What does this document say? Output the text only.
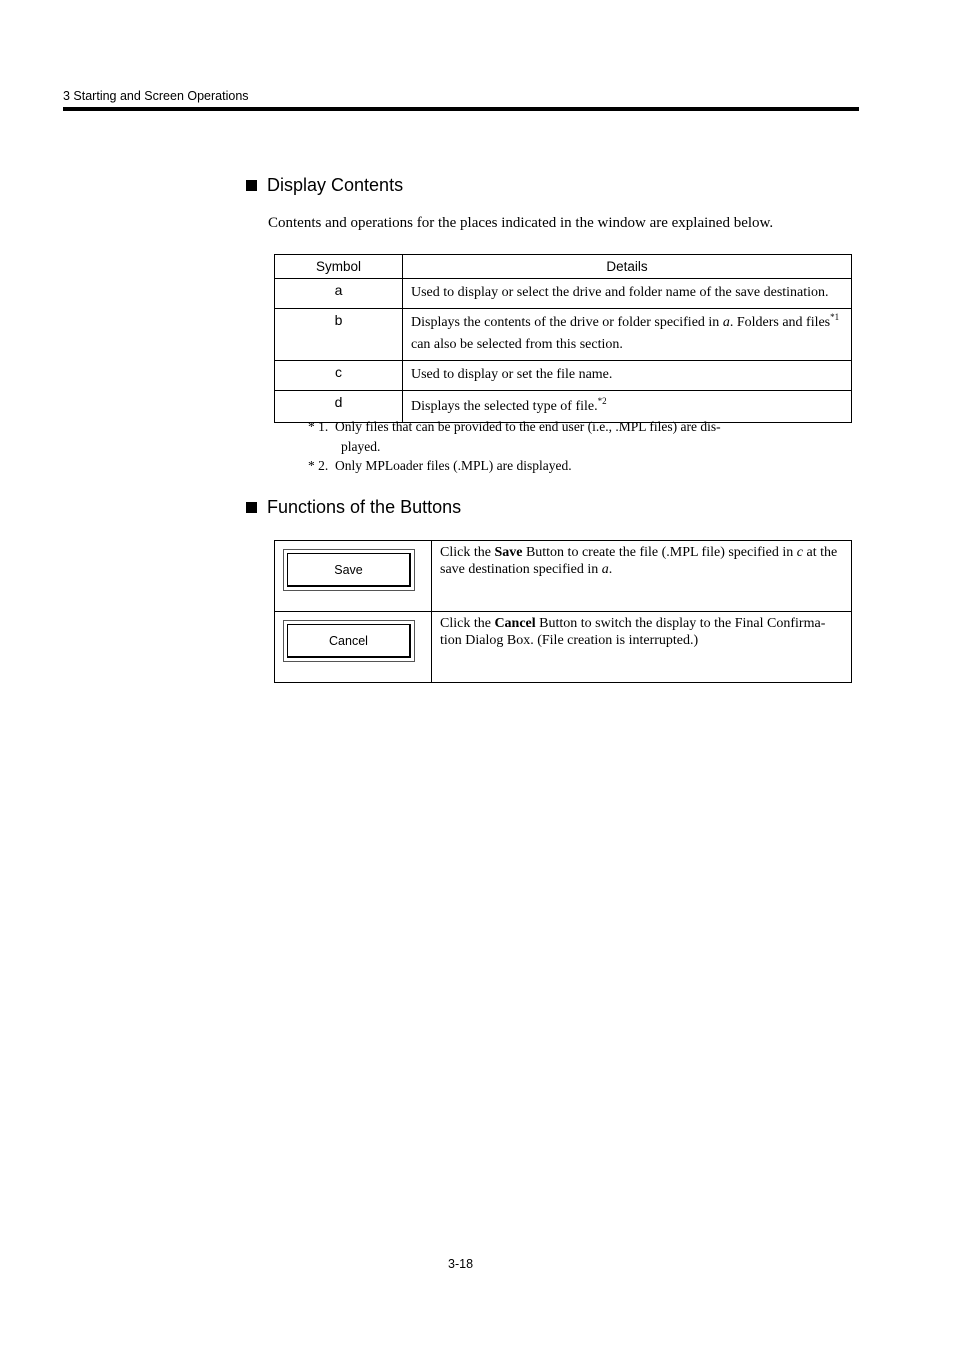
3 Starting and Screen Operations
Display Contents
Contents and operations for the places indicated in the window are explained below.
Symbol	Details
a	Used to display or select the drive and folder name of the save destination.
b	Displays the contents of the drive or folder specified in a. Folders and files$^{*1}$ can also be selected from this section.
c	Used to display or set the file name.
d	Displays the selected type of file.$^{*2}$
* 1. Only files that can be provided to the end user (i.e., .MPL files) are dis-
played.
* 2. Only MPLoader files (.MPL) are displayed.
Functions of the Buttons
Save	Click the Save Button to create the file (.MPL file) specified in c at the save destination specified in a.

Cancel	Click the Cancel Button to switch the display to the Final Confirma-tion Dialog Box. (File creation is interrupted.)
3-18
